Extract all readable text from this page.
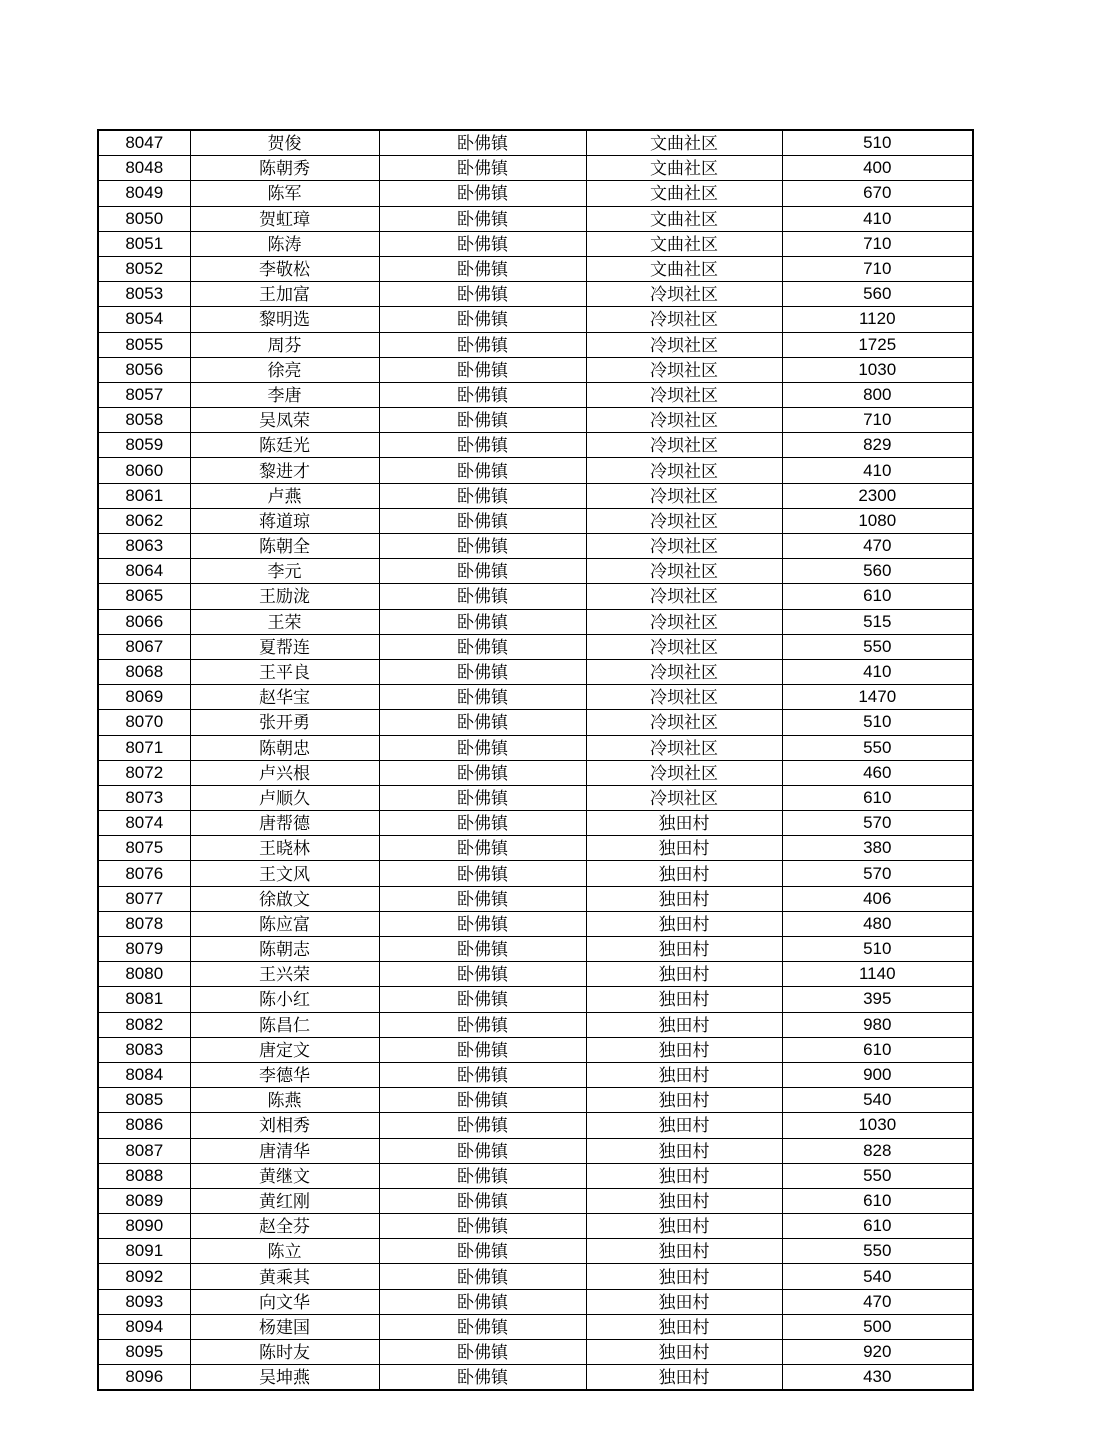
8047	贺俊	卧佛镇	文曲社区	510
8048	陈朝秀	卧佛镇	文曲社区	400
8049	陈军	卧佛镇	文曲社区	670
8050	贺虹璋	卧佛镇	文曲社区	410
8051	陈涛	卧佛镇	文曲社区	710
8052	李敬松	卧佛镇	文曲社区	710
8053	王加富	卧佛镇	冷坝社区	560
8054	黎明选	卧佛镇	冷坝社区	1120
8055	周芬	卧佛镇	冷坝社区	1725
8056	徐亮	卧佛镇	冷坝社区	1030
8057	李唐	卧佛镇	冷坝社区	800
8058	吴凤荣	卧佛镇	冷坝社区	710
8059	陈廷光	卧佛镇	冷坝社区	829
8060	黎进才	卧佛镇	冷坝社区	410
8061	卢燕	卧佛镇	冷坝社区	2300
8062	蒋道琼	卧佛镇	冷坝社区	1080
8063	陈朝全	卧佛镇	冷坝社区	470
8064	李元	卧佛镇	冷坝社区	560
8065	王励泷	卧佛镇	冷坝社区	610
8066	王荣	卧佛镇	冷坝社区	515
8067	夏帮连	卧佛镇	冷坝社区	550
8068	王平良	卧佛镇	冷坝社区	410
8069	赵华宝	卧佛镇	冷坝社区	1470
8070	张开勇	卧佛镇	冷坝社区	510
8071	陈朝忠	卧佛镇	冷坝社区	550
8072	卢兴根	卧佛镇	冷坝社区	460
8073	卢顺久	卧佛镇	冷坝社区	610
8074	唐帮德	卧佛镇	独田村	570
8075	王晓林	卧佛镇	独田村	380
8076	王文风	卧佛镇	独田村	570
8077	徐啟文	卧佛镇	独田村	406
8078	陈应富	卧佛镇	独田村	480
8079	陈朝志	卧佛镇	独田村	510
8080	王兴荣	卧佛镇	独田村	1140
8081	陈小红	卧佛镇	独田村	395
8082	陈昌仁	卧佛镇	独田村	980
8083	唐定文	卧佛镇	独田村	610
8084	李德华	卧佛镇	独田村	900
8085	陈燕	卧佛镇	独田村	540
8086	刘相秀	卧佛镇	独田村	1030
8087	唐清华	卧佛镇	独田村	828
8088	黄继文	卧佛镇	独田村	550
8089	黄红刚	卧佛镇	独田村	610
8090	赵全芬	卧佛镇	独田村	610
8091	陈立	卧佛镇	独田村	550
8092	黄乘其	卧佛镇	独田村	540
8093	向文华	卧佛镇	独田村	470
8094	杨建国	卧佛镇	独田村	500
8095	陈时友	卧佛镇	独田村	920
8096	吴坤燕	卧佛镇	独田村	430
